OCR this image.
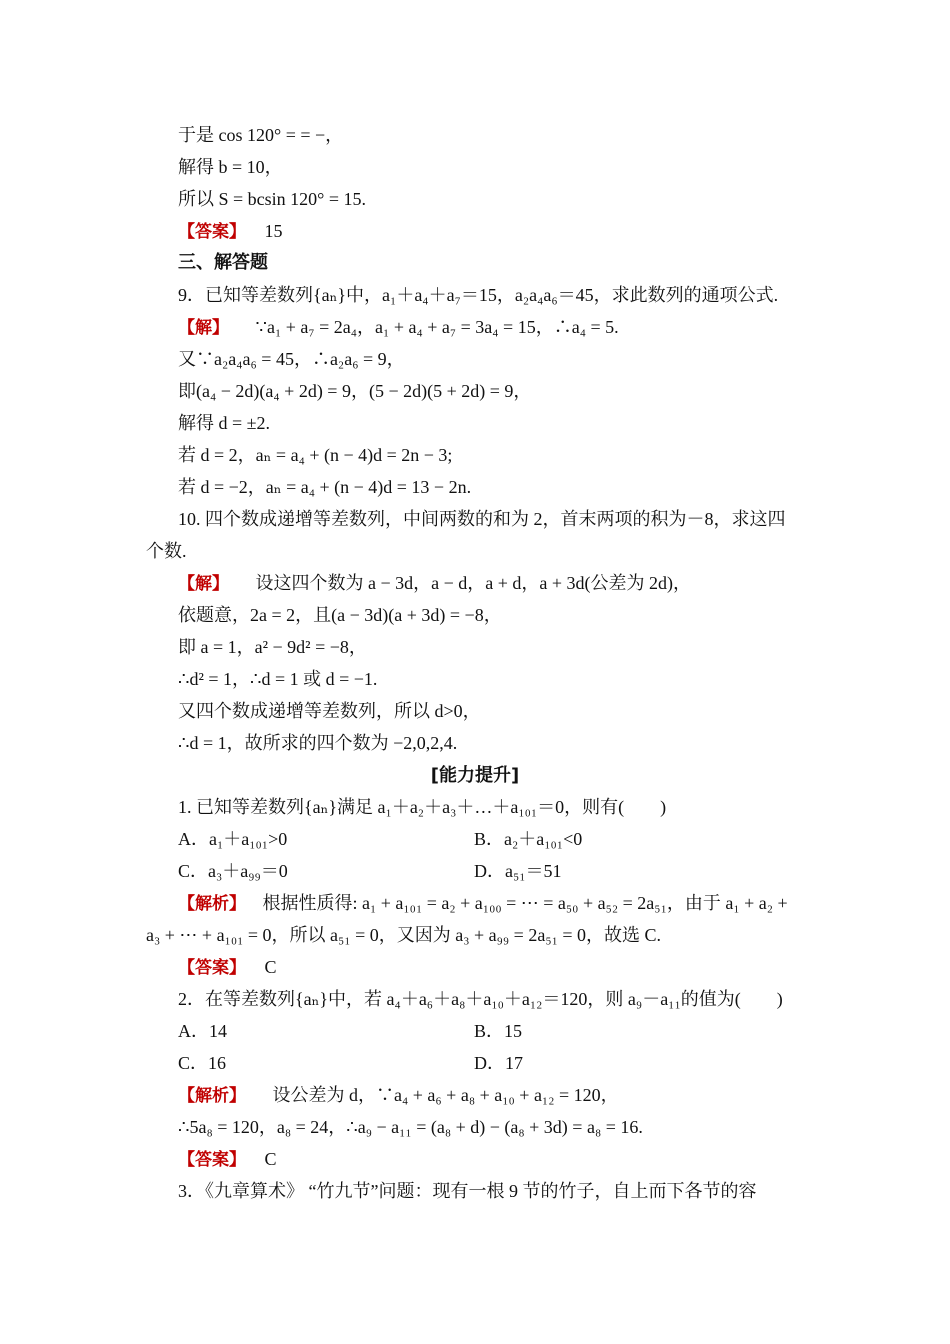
于是 cos 120° = = −，
解得 b = 10，
所以 S = bcsin 120° = 15.
【答案】 15
三、解答题
9．已知等差数列{aₙ}中，a₁＋a₄＋a₇＝15，a₂a₄a₆＝45，求此数列的通项公式.
【解】 ∵a₁ + a₇ = 2a₄，a₁ + a₄ + a₇ = 3a₄ = 15，∴a₄ = 5.
又∵a₂a₄a₆ = 45，∴a₂a₆ = 9，
即(a₄ − 2d)(a₄ + 2d) = 9，(5 − 2d)(5 + 2d) = 9，
解得 d = ±2.
若 d = 2，aₙ = a₄ + (n − 4)d = 2n − 3;
若 d = −2，aₙ = a₄ + (n − 4)d = 13 − 2n.
10. 四个数成递增等差数列，中间两数的和为 2，首末两项的积为－8，求这四
个数.
【解】 设这四个数为 a − 3d，a − d，a + d，a + 3d(公差为 2d)，
依题意，2a = 2，且(a − 3d)(a + 3d) = −8，
即 a = 1，a² − 9d² = −8，
∴d² = 1，∴d = 1 或 d = −1.
又四个数成递增等差数列，所以 d>0，
∴d = 1，故所求的四个数为 −2,0,2,4.
[能力提升]
1. 已知等差数列{aₙ}满足 a₁＋a₂＋a₃＋…＋a₁₀₁＝0，则有(　　)
A．a₁＋a₁₀₁>0	B．a₂＋a₁₀₁<0
C．a₃＋a₉₉＝0	D．a₅₁＝51
【解析】 根据性质得: a₁ + a₁₀₁ = a₂ + a₁₀₀ = ⋯ = a₅₀ + a₅₂ = 2a₅₁，由于 a₁ + a₂ +
a₃ + ⋯ + a₁₀₁ = 0，所以 a₅₁ = 0，又因为 a₃ + a₉₉ = 2a₅₁ = 0，故选 C.
【答案】 C
2．在等差数列{aₙ}中，若 a₄＋a₆＋a₈＋a₁₀＋a₁₂＝120，则 a₉－a₁₁的值为(　　)
A．14	B．15
C．16	D．17
【解析】 设公差为 d，∵a₄ + a₆ + a₈ + a₁₀ + a₁₂ = 120，
∴5a₈ = 120，a₈ = 24，∴a₉ − a₁₁ = (a₈ + d) − (a₈ + 3d) = a₈ = 16.
【答案】 C
3．《九章算术》 “竹九节”问题：现有一根 9 节的竹子，自上而下各节的容
